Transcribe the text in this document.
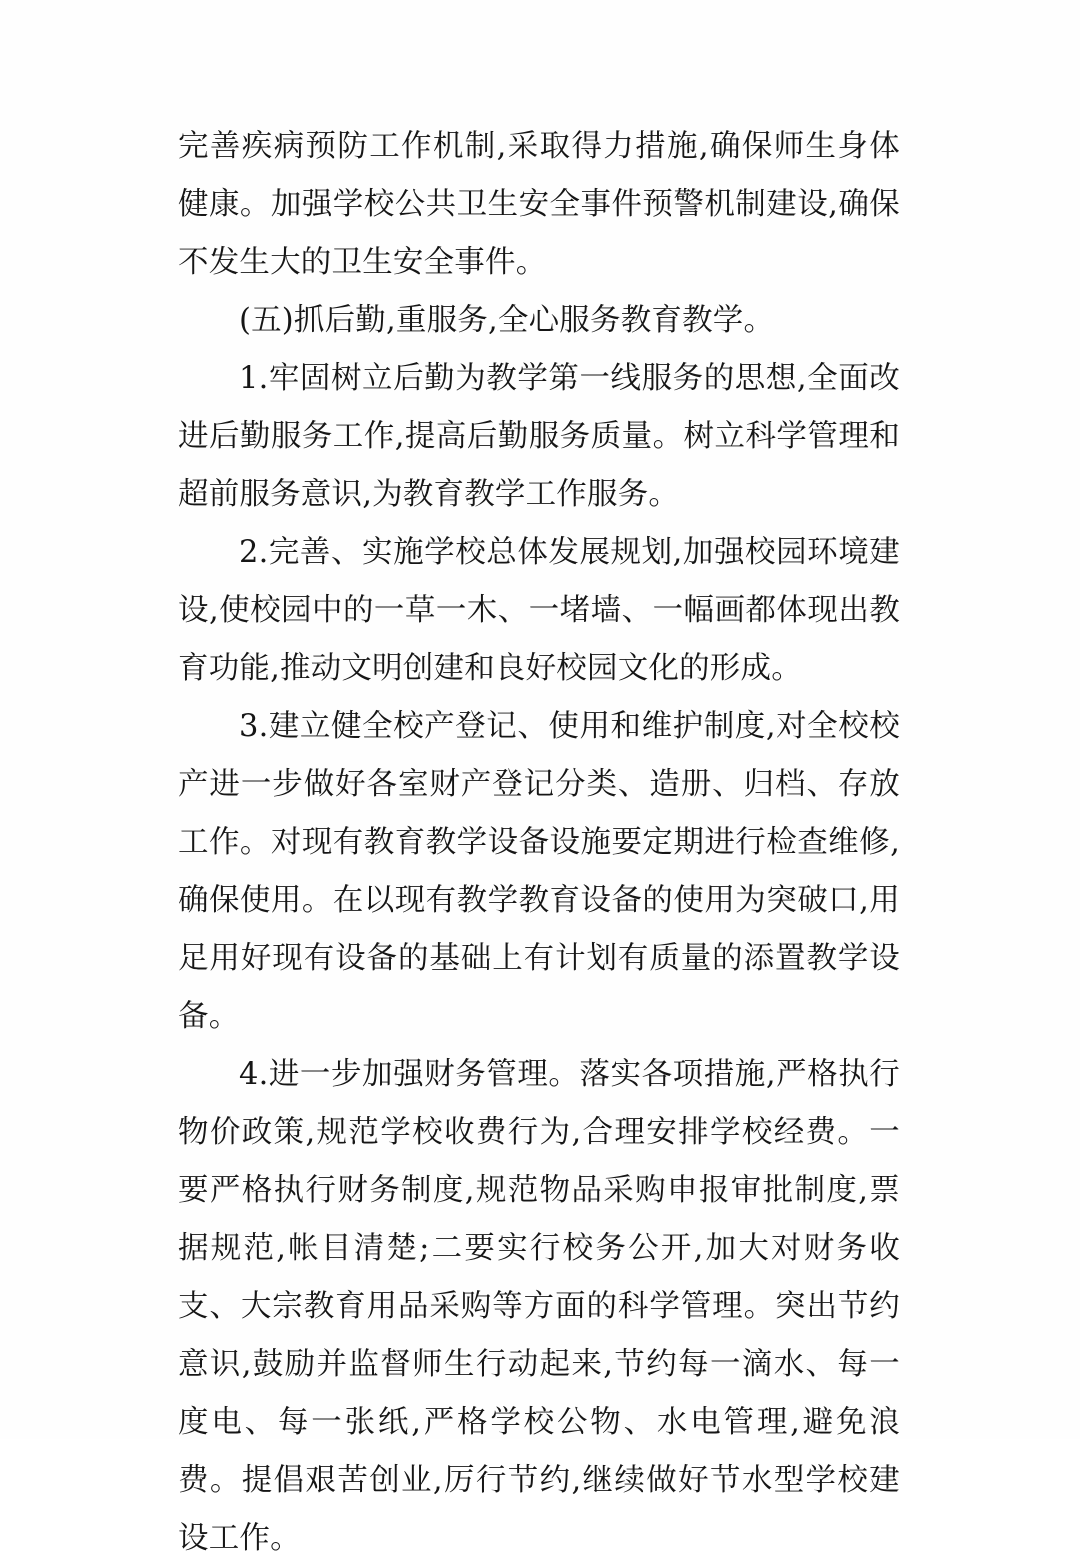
完善疾病预防工作机制,采取得力措施,确保师生身体健康。加强学校公共卫生安全事件预警机制建设,确保不发生大的卫生安全事件。

(五)抓后勤,重服务,全心服务教育教学。

1.牢固树立后勤为教学第一线服务的思想,全面改进后勤服务工作,提高后勤服务质量。树立科学管理和超前服务意识,为教育教学工作服务。

2.完善、实施学校总体发展规划,加强校园环境建设,使校园中的一草一木、一堵墙、一幅画都体现出教育功能,推动文明创建和良好校园文化的形成。

3.建立健全校产登记、使用和维护制度,对全校校产进一步做好各室财产登记分类、造册、归档、存放工作。对现有教育教学设备设施要定期进行检查维修,确保使用。在以现有教学教育设备的使用为突破口,用足用好现有设备的基础上有计划有质量的添置教学设备。

4.进一步加强财务管理。落实各项措施,严格执行物价政策,规范学校收费行为,合理安排学校经费。一要严格执行财务制度,规范物品采购申报审批制度,票据规范,帐目清楚;二要实行校务公开,加大对财务收支、大宗教育用品采购等方面的科学管理。突出节约意识,鼓励并监督师生行动起来,节约每一滴水、每一度电、每一张纸,严格学校公物、水电管理,避免浪费。提倡艰苦创业,厉行节约,继续做好节水型学校建设工作。
